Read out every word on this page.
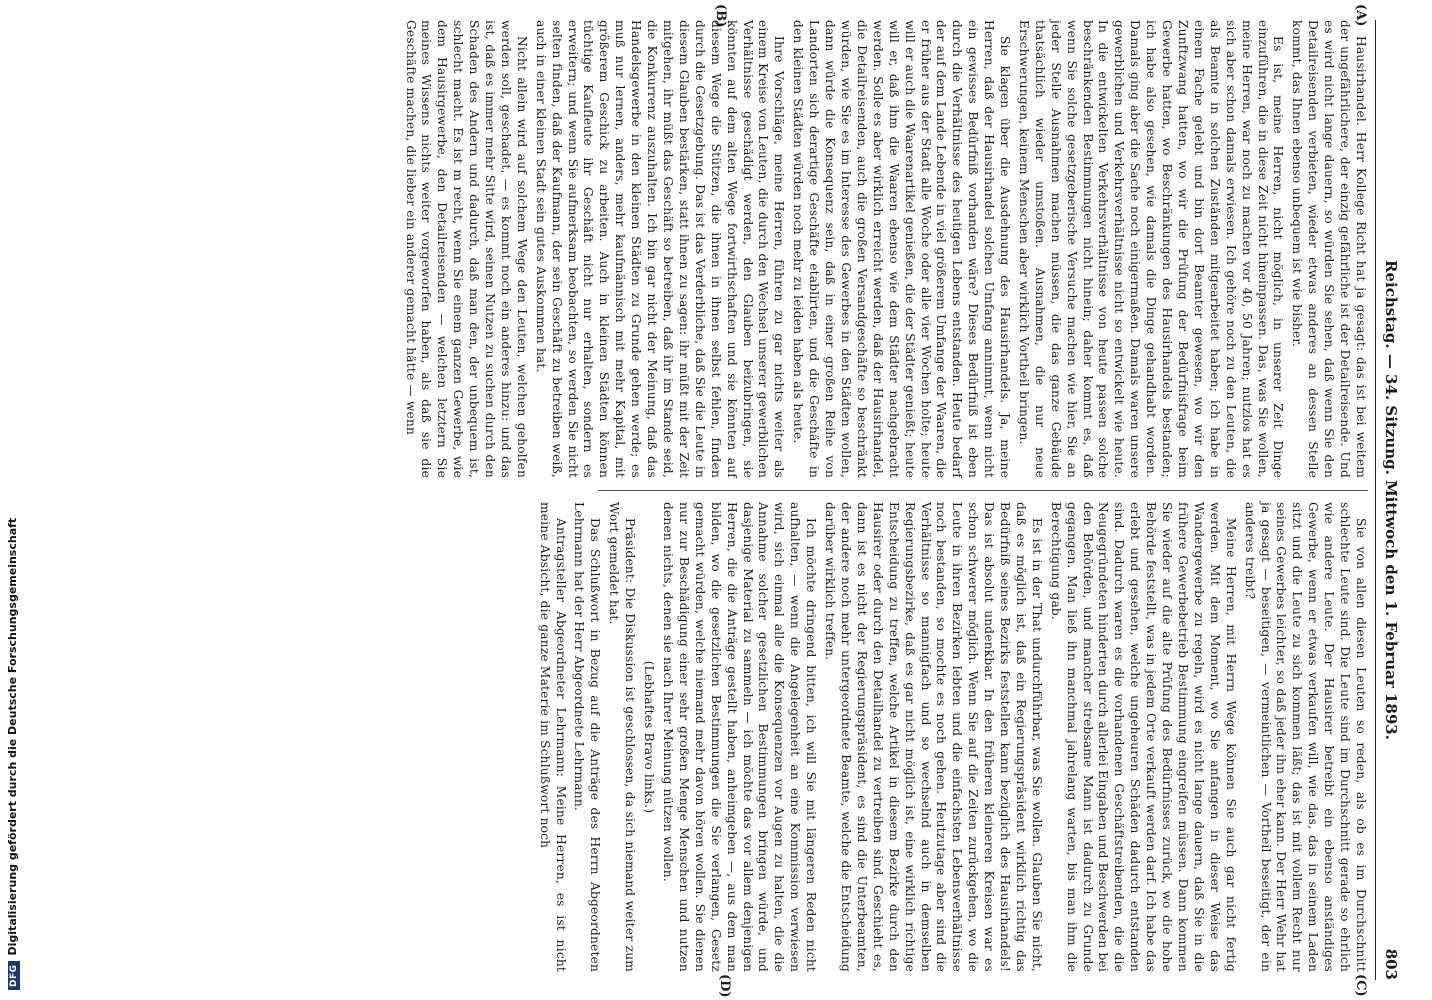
Reichstag. — 34. Sitzung. Mittwoch den 1. Februar 1893.
803
(A)
(B)
(C)
(D)

Hausirhandel. Herr Kollege Richt hat ja gesagt: das ist bei weitem der ungefährlichere, der einzig gefährliche ist der Detailreisende. Und es wird nicht lange dauern, so würden Sie sehen, daß wenn Sie den Detailreisenden verbieten, wieder etwas anderes an dessen Stelle kommt, das Ihnen ebenso unbequem ist wie bisher.

Es ist, meine Herren, nicht möglich, in unserer Zeit Dinge einzuführen, die in diese Zeit nicht hineinpassen. Das, was Sie wollen, meine Herren, war noch zu machen vor 40, 50 Jahren; nutzlos hat es sich aber schon damals erwiesen. Ich gehöre noch zu den Leuten, die als Beamte in solchen Zuständen mitgearbeitet haben; ich habe in einem Fache gelebt und bin dort Beamter gewesen, wo wir den Zunftzwang hatten, wo wir die Prüfung der Bedürfnisfrage beim Gewerbe hatten, wo Beschränkungen des Hausirhandels bestanden; ich habe also gesehen, wie damals die Dinge gehandhabt worden. Damals ging aber die Sache noch einigermaßen. Damals waren unsere gewerblichen und Verkehrsverhältnisse nicht so entwickelt wie heute. In die entwickelten Verkehrsverhältnisse von heute passen solche beschränkenden Bestimmungen nicht hinein; daher kommt es, daß wenn Sie solche gesetzgeberische Versuche machen wie hier, Sie an jeder Stelle Ausnahmen machen müssen, die das ganze Gebäude thatsächlich wieder umstoßen. Ausnahmen, die nur neue Erschwerungen, keinem Menschen aber wirklich Vortheil bringen.

Sie klagen über die Ausdehnung des Hausirhandels. Ja, meine Herren, daß der Hausirhandel solchen Umfang annimmt, wenn nicht ein gewisses Bedürfniß vorhanden wäre? Dieses Bedürfniß ist eben durch die Verhältnisse des heutigen Lebens entstanden. Heute bedarf der auf dem Lande Lebende in viel größerem Umfange der Waaren, die er früher aus der Stadt alle Woche oder alle vier Wochen holte; heute will er auch die Waarenartikel genießen, die der Städter genießt; heute will er, daß ihm die Waaren ebenso wie dem Städter nachgebracht werden. Solle es aber wirklich erreicht werden, daß der Hausirhandel, die Detailreisenden, auch die großen Versandgeschäfte so beschränkt würden, wie Sie es im Interesse des Gewerbes in den Städten wollen, dann würde die Konsequenz sein, daß in einer großen Reihe von Landorten sich derartige Geschäfte etablirten, und die Geschäfte in den kleinen Städten würden noch mehr zu leiden haben als heute.

Ihre Vorschläge, meine Herren, führen zu gar nichts weiter als einem Kreise von Leuten, die durch den Wechsel unserer gewerblichen Verhältnisse geschädigt werden, den Glauben beizubringen, sie könnten auf dem alten Wege fortwirthschaften und sie könnten auf diesem Wege die Stützen, die ihnen in ihnen selbst fehlen, finden durch die Gesetzgebung. Das ist das Verderbliche, daß Sie die Leute in diesem Glauben bestärken, statt ihnen zu sagen: ihr müßt mit der Zeit mitgehen, ihr müßt das Geschäft so betreiben, daß ihr im Stande seid, die Konkurrenz auszuhalten. Ich bin gar nicht der Meinung, daß das Handelsgewerbe in den kleinen Städten zu Grunde gehen werde; es muß nur lernen, anders, mehr kaufmännisch mit mehr Kapital, mit größerem Geschick zu arbeiten. Auch in kleinen Städten können tüchtige Kaufleute ihr Geschäft nicht nur erhalten, sondern es erweitern; und wenn Sie aufmerksam beobachten, so werden Sie nicht selten finden, daß der Kaufmann, der sein Geschäft zu betreiben weiß, auch in einer kleinen Stadt sein gutes Auskommen hat.

Nicht allein wird auf solchem Wege den Leuten, welchen geholfen werden soll, geschadet, — es kommt noch ein anderes hinzu: und das ist, daß es immer mehr Sitte wird, seinen Nutzen zu suchen durch den Schaden des Andern und dadurch, daß man den, der unbequem ist, schlecht macht. Es ist m recht, wenn Sie einem ganzen Gewerbe, wie dem Hausirgewerbe, den Detailreisenden — welchen letztern Sie meines Wissens nichts weiter vorgeworfen haben, als daß sie die Geschäfte machen, die lieber ein anderer gemacht hätte — wenn

Sie von allen diesen Leuten so reden, als ob es im Durchschnitt schlechte Leute sind. Die Leute sind im Durchschnitt gerade so ehrlich wie andere Leute. Der Hausirer betreibt ein ebenso anständiges Gewerbe, wenn er etwas verkaufen will, wie das, das in seinem Laden sitzt und die Leute zu sich kommen läßt; das ist mit vollem Recht nur seines Gewerbes leichter, so daß jeder ihn eher kann. Der Herr Wehr hat ja gesagt — beseitigen, — vermeintlichen — Vortheil beseitigt, der ein anderes treibt?

Meine Herren, mit Herrn Wege können Sie auch gar nicht fertig werden. Mit dem Moment, wo Sie anfangen in dieser Weise das Wandergewerbe zu regeln, wird es nicht lange dauern, daß Sie in die frühere Gewerbebetrieb Bestimmung eingreifen müssen. Dann kommen Sie wieder auf die alte Prüfung des Bedürfnisses zurück, wo die hohe Behörde feststellt, was in jedem Orte verkauft werden darf. Ich habe das erlebt und gesehen, welche ungeheuren Schäden dadurch entstanden sind. Dadurch waren es die vorhandenen Geschäftstreibenden, die die Neugegründeten hinderten durch allerlei Eingaben und Beschwerden bei den Behörden, und mancher strebsame Mann ist dadurch zu Grunde gegangen. Man ließ ihn manchmal jahrelang warten, bis man ihm die Berechtigung gab.

Es ist in der That undurchführbar, was Sie wollen. Glauben Sie nicht, daß es möglich ist, daß ein Regierungspräsident wirklich richtig das Bedürfniß seines Bezirks feststellen kann bezüglich des Hausirhandels! Das ist absolut undenkbar. In den früheren kleineren Kreisen war es schon schwerer möglich. Wenn Sie auf die Zeiten zurückgehen, wo die Leute in ihren Bezirken lebten und die einfachsten Lebensverhältnisse noch bestanden, so mochte es noch gehen. Heutzutage aber sind die Verhältnisse so mannigfach und so wechselnd auch in demselben Regierungsbezirke, daß es gar nicht möglich ist, eine wirklich richtige Entscheidung zu treffen, welche Artikel in diesem Bezirke durch den Hausirer oder durch den Detailhandel zu vertreiben sind. Geschieht es, dann ist es nicht der Regierungspräsident, es sind die Unterbeamten, der andere noch mehr untergeordnete Beamte, welche die Entscheidung darüber wirklich treffen.

Ich möchte dringend bitten, ich will Sie mit längeren Reden nicht aufhalten, — wenn die Angelegenheit an eine Kommission verwiesen wird, sich einmal alle die Konsequenzen vor Augen zu halten, die die Annahme solcher gesetzlichen Bestimmungen bringen würde, und dasjenige Material zu sammeln — ich möchte das vor allem denjenigen Herren, die die Anträge gestellt haben, anheimgeben —, aus dem man bilden, wo die gesetzlichen Bestimmungen die Sie verlangen, Gesetz gemacht würden, welche niemand mehr davon hören wollen. Sie dienen nur zur Beschädigung einer sehr großen Menge Menschen und nutzen denen nichts, denen sie nach Ihrer Meinung nützen wollen.

(Lebhaftes Bravo links.)

Präsident: Die Diskussion ist geschlossen, da sich niemand weiter zum Wort gemeldet hat.

Das Schlußwort in Bezug auf die Anträge des Herrn Abgeordneten Lehrmann hat der Herr Abgeordnete Lehrmann.

Antragsteller Abgeordneter Lehrmann: Meine Herren, es ist nicht meine Absicht, die ganze Materie im Schlußwort noch

DFGDigitalisierung gefördert durch die Deutsche Forschungsgemeinschaft
